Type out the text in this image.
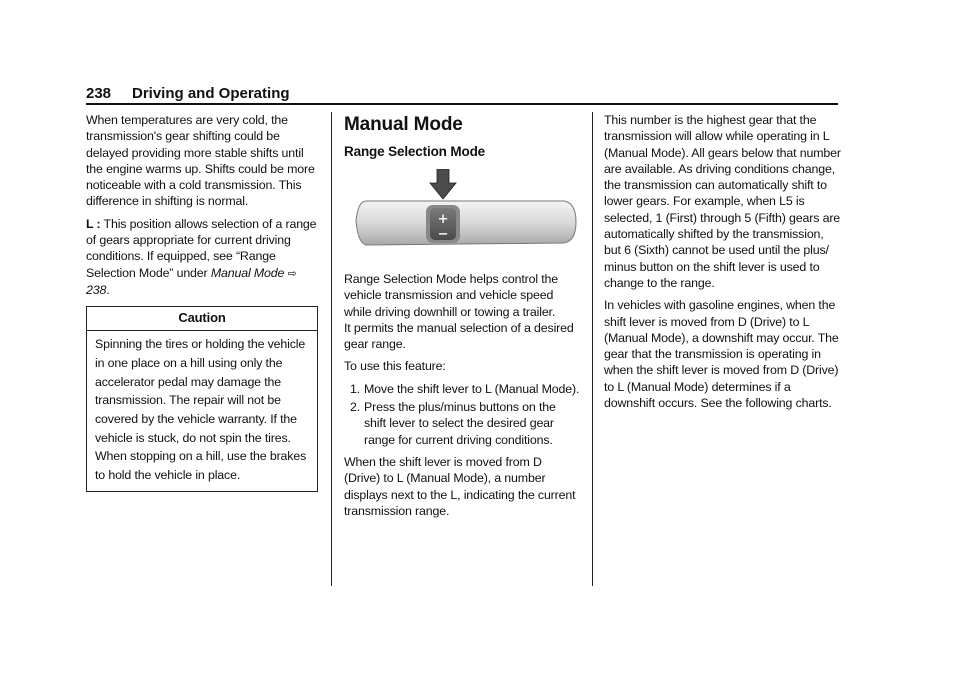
238 Driving and Operating

When temperatures are very cold, the transmission's gear shifting could be delayed providing more stable shifts until the engine warms up. Shifts could be more noticeable with a cold transmission. This difference in shifting is normal.

L : This position allows selection of a range of gears appropriate for current driving conditions. If equipped, see “Range Selection Mode” under Manual Mode ⇨ 238.

Caution
Spinning the tires or holding the vehicle in one place on a hill using only the accelerator pedal may damage the transmission. The repair will not be covered by the vehicle warranty. If the vehicle is stuck, do not spin the tires. When stopping on a hill, use the brakes to hold the vehicle in place.
Manual Mode
Range Selection Mode
+
−

Range Selection Mode helps control the vehicle transmission and vehicle speed while driving downhill or towing a trailer.

It permits the manual selection of a desired gear range.

To use this feature:

1. Move the shift lever to L (Manual Mode).
2. Press the plus/minus buttons on the shift lever to select the desired gear range for current driving conditions.

When the shift lever is moved from D (Drive) to L (Manual Mode), a number displays next to the L, indicating the current transmission range.

This number is the highest gear that the transmission will allow while operating in L (Manual Mode). All gears below that number are available. As driving conditions change, the transmission can automatically shift to lower gears. For example, when L5 is selected, 1 (First) through 5 (Fifth) gears are automatically shifted by the transmission, but 6 (Sixth) cannot be used until the plus/ minus button on the shift lever is used to change to the range.

In vehicles with gasoline engines, when the shift lever is moved from D (Drive) to L (Manual Mode), a downshift may occur. The gear that the transmission is operating in when the shift lever is moved from D (Drive) to L (Manual Mode) determines if a downshift occurs. See the following charts.
